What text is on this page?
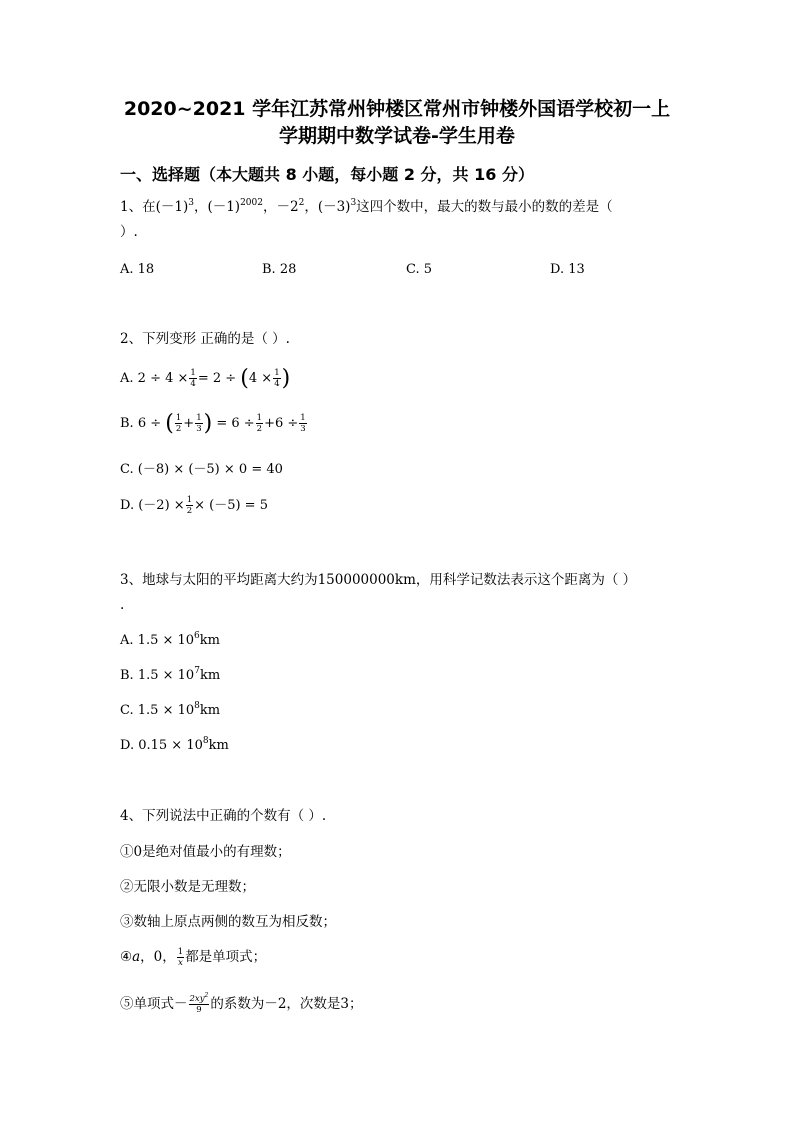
2020~2021 学年江苏常州钟楼区常州市钟楼外国语学校初一上
学期期中数学试卷-学生用卷
一、选择题（本大题共 8 小题，每小题 2 分，共 16 分）
1、在$(-1)^3$，$(-1)^{2002}$，$-2^2$，$(-3)^3$这四个数中，最大的数与最小的数的差是（
）.
A. 18	B. 28	C. 5	D. 13
2、下列变形 正确的是（ ）.
A. $2 \div 4 \times \frac{1}{4} = 2 \div (4 \times \frac{1}{4}$ )
B. 6 ÷ ( $\frac{1}{2} + \frac{1}{3}$ ) = $6 \div \frac{1}{2} +6 \div \frac{1}{3}$
C. (－8) × (－5) × 0 = 40
D. $(-2) \times \frac{1}{2} \times (-5) = 5$
3、地球与太阳的平均距离大约为150000000km，用科学记数法表示这个距离为（ ）
.
A. $1.5 \times 10^6km$
B. $1.5 \times 10^7km$
C. $1.5 \times 10^8km$
D. $0.15 \times 10^8km$
4、下列说法中正确的个数有（ ）.
①0是绝对值最小的有理数；
②无限小数是无理数；
③数轴上原点两侧的数互为相反数；
④a，0， $\frac{1}{x}$ 都是单项式；
⑤单项式－ $\frac{2xy^2}{9}$ 的系数为－2，次数是3；
